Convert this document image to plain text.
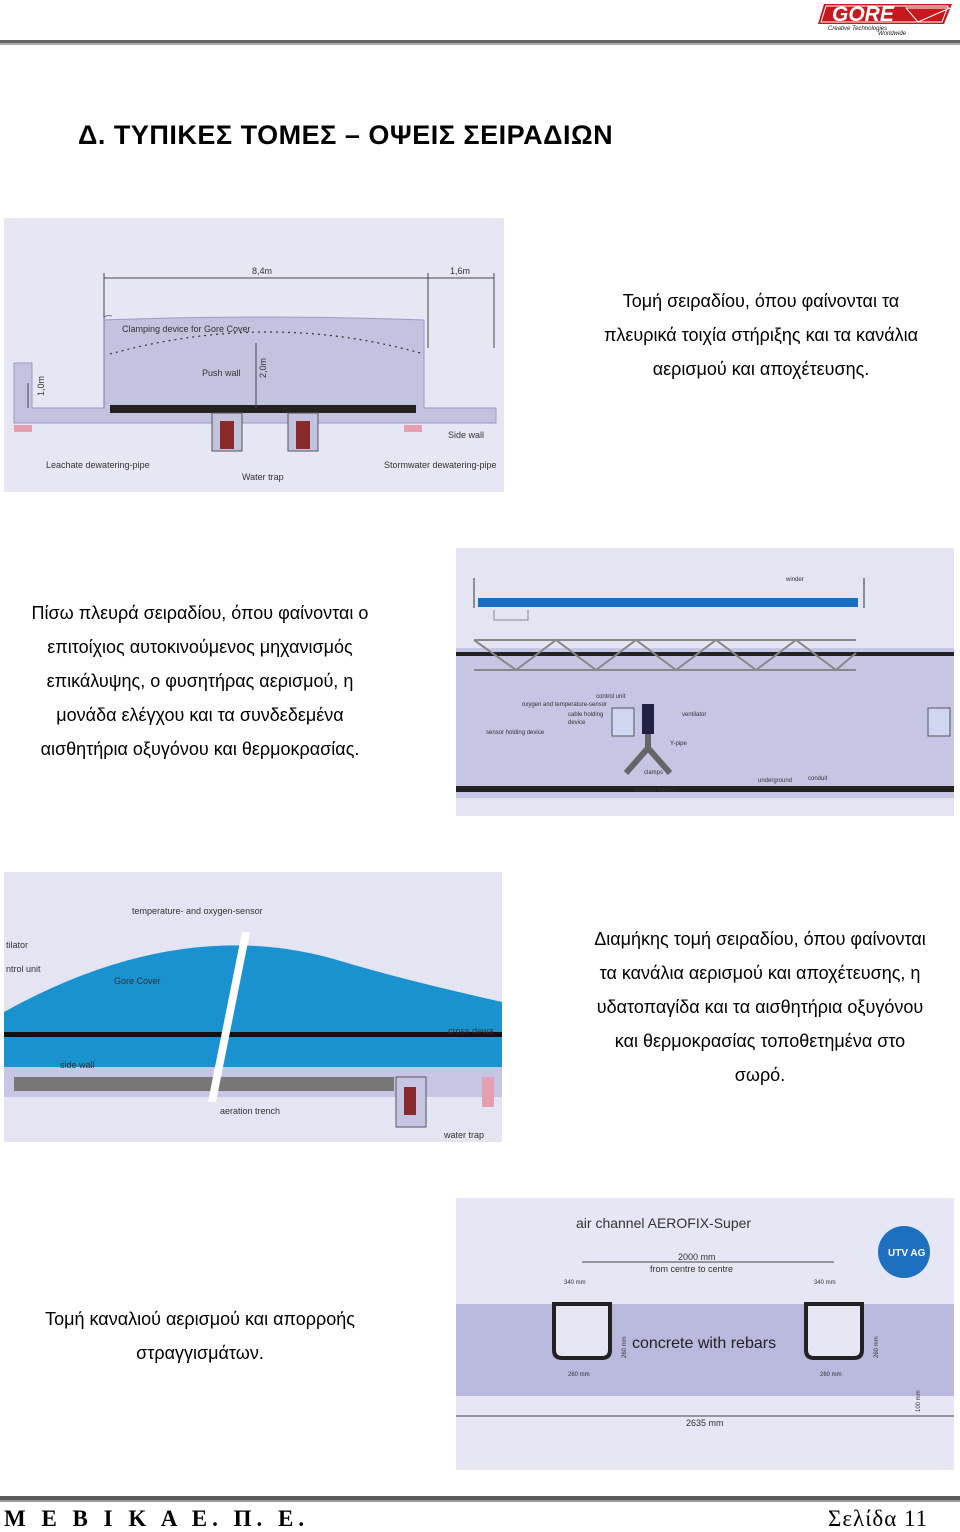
GORE
Creative Technologies
Worldwide
Δ. ΤΥΠΙΚΕΣ ΤΟΜΕΣ – ΟΨΕΙΣ ΣΕΙΡΑΔΙΩΝ
8,4m	1,6m
1,0m
2,0m
Clamping device for Gore Cover
Push wall
Side wall
Leachate dewatering-pipe
Water trap
Stormwater dewatering-pipe
Τομή σειραδίου, όπου φαίνονται τα
πλευρικά τοιχία στήριξης και τα κανάλια
αερισμού και αποχέτευσης.
Πίσω πλευρά σειραδίου, όπου φαίνονται ο
επιτοίχιος αυτοκινούμενος μηχανισμός
επικάλυψης, ο φυσητήρας αερισμού, η
μονάδα ελέγχου και τα συνδεδεμένα
αισθητήρια οξυγόνου και θερμοκρασίας.
winder
control unit
oxygen and temperature-sensor
cable holding
device
sensor holding device
ventilator
Y-pipe
clamps
aeration trench
underground	conduit
temperature- and oxygen-sensor
tilator
ntrol unit
Gore Cover
cross dewa
side wall
aeration trench
water trap
Διαμήκης τομή σειραδίου, όπου φαίνονται
τα κανάλια αερισμού και αποχέτευσης, η
υδατοπαγίδα και τα αισθητήρια οξυγόνου
και θερμοκρασίας τοποθετημένα στο
σωρό.
Τομή καναλιού αερισμού και απορροής
στραγγισμάτων.
air channel AEROFIX-Super
2000 mm
from centre to centre
340 mm	340 mm
concrete with rebars
260 mm	260 mm
260 mm	260 mm
100 mm
2635 mm
UTV AG
Μ Ε Β Ι Κ Α Ε. Π. Ε.	Σελίδα 11
